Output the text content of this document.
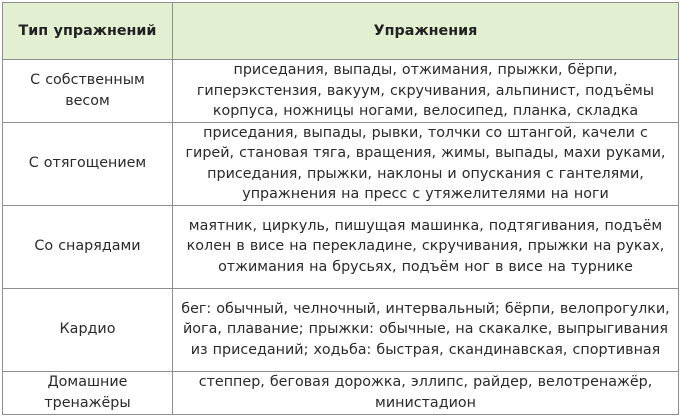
Тип упражнений	Упражнения
С собственным весом	приседания, выпады, отжимания, прыжки, бёрпи, гиперэкстензия, вакуум, скручивания, альпинист, подъёмы корпуса, ножницы ногами, велосипед, планка, складка
С отягощением	приседания, выпады, рывки, толчки со штангой, качели с гирей, становая тяга, вращения, жимы, выпады, махи руками, приседания, прыжки, наклоны и опускания с гантелями, упражнения на пресс с утяжелителями на ноги
Со снарядами	маятник, циркуль, пишущая машинка, подтягивания, подъём колен в висе на перекладине, скручивания, прыжки на руках, отжимания на брусьях, подъём ног в висе на турнике
Кардио	бег: обычный, челночный, интервальный; бёрпи, велопрогулки, йога, плавание; прыжки: обычные, на скакалке, выпрыгивания из приседаний; ходьба: быстрая, скандинавская, спортивная
Домашние тренажёры	степпер, беговая дорожка, эллипс, райдер, велотренажёр, министадион
